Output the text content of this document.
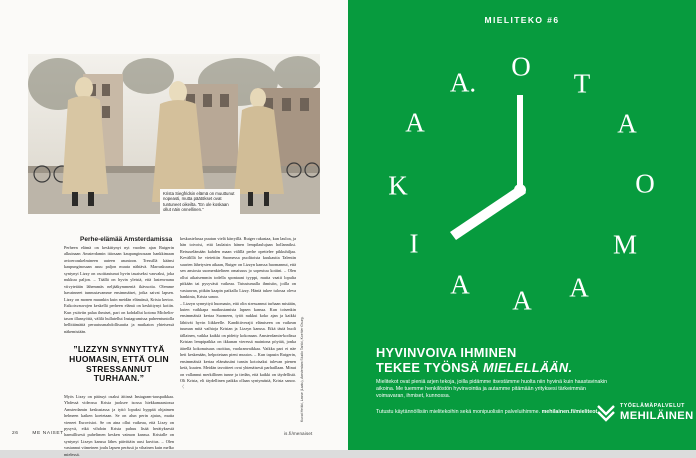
Krista Siegfridsin elämä on muuttunut nopeasti, mutta päätökset ovat tuntuneet oikeilta. ”En ole koskaan ollut näin onnellinen.”
Perhe-elämää Amsterdamissa

Perheen elämä on keskittynyt nyt vuoden ajan Rutgerin alkuinaan Amsterdamin itäosaan kaupunginosaan hankkimaan avioeroaskelmineen uuteen asuntoon. Tressillä käänsi kaupunginosaan asuu paljon muuta nähtävä. Marraskuussa syntynyt Lizzy on osoittautunut hyvin tasaiseksi vauvaksi, joka nukkuu paljon. – Täällä on hyvin yleistä, että lastenvaunu viivytetään lähemmäs neljääkymmentä ikävuotta. Olemme havainneet tunnustavamme ensimmäiset, jotka saivat lapsen. Lizzy on monen muunkin kuin meidän elämässä, Krista kertoo. Esikoisvauvojen keskellä perheen elämä on keskittynyt kotiin. Kun ystäviin palaa ihmiset, pari on kohdallut kotona Michelin-tason illansyöttä, välilä hullutellut Instagramissa puheentuntolla hellittämättä peruutusmahdollisuutta ja mutkaton yhteisessä näkemistään.

”LIZZYN SYNNYTTYÄ HUOMASIN, ETTÄ OLIN STRESSANNUT TURHAAN.”

Myös Lizzy on päässyt osaksi äitinsä Instagram-tauspaikkaa. Yhdessä videossa Krista juoksee isossa hiekkamaastossa Amsterdamin keskustassa ja tyttö lopuksi hyppää ohjaimen helmeen kaiken koetetaan. Se on alun perin ajatus, mutta vieneet Eurovisiot. Se on aina ollut vaikeaa, että Lizzy on pysyvä, eikä vihdoin Krista puhuu lisää herätyksestä harmillisesti puhelimen kesken vaimon kanssa. Kristalle on syntynyt Lizzyn kanssa lähes päivittäin uusi kuvitus. – Olen vastannut viimeinen joulu lapsen perässä ja vihainen kuin melko mielessä.

keskustelussa puutun vielä kärryillä. Rutger rakastaa, kun lauloa, ja hän toivoisi, että laulaisin hänen lempilaulujaan hollanniksi. Reissuelämään kahden maan välillä perhe opettelee pikkuhiljaa. Kevälillä he vietettiin Suomessa puolitoista kuukautta Talentin suurien lähetysten aikaan, Rutger on Lizzyn kanssa huomannut, että sen ansiosta suomenkielinen omaisuus jo sopeutuu kotiini. – Olen ollut aikaisemmin todella spontaani tyyppi, mutta vaatii lopulta pitkään tai pysyvästi vaikeaa. Tutustumalla ihmisiin, joilla on vastaavan, pitkän kaapin paikalla Lizzy. Häntä tukee tulossa oleva hankinta, Krista sanoo.

– Lizzyn synnyttyä huomasin, että olin stressannut turhaan mistään, kuten vaikkapa matkustamista lapsen kanssa. Kun toisenkin ensimmäisiä kertaa Suomeen, tytöt nukkui koko ajan ja kaikki lähtivät hyvin liikkeelle. Kanditiiverajit elämiseen on vaikean tuuman mitä vaihtoja Kristan ja Lizzyn kanssa. Eikä tästä huoli tällainen, vaikka kaikki on pidetty kokonaan. Amsterdamin-kodissa Kristan lempipaikka on ikkunan vieressä mainiona pöytää, jonka äärellä kokonaisuus osoittaa, vuokranvaikkaa. Vaikka pari ei näe heti keskenään, helpotetaan pieni muutos. – Kun tapasin Rutgerin, ensimmäisiä kertaa elämässäni tunsin kotoisaksi tulevan pienen ketä, kuuten. Meidän tavoitteet ovat yhtenäisesti parhaillaan. Minut on vallannut merkillinen tunne ja tiedän, että kaikki on täydellistä. Oli Krista, eli täydellinen paikka ollaan syntymästä, Krista sanoo. 〈	Kuvat Heikki, Lasse (Laatu), Amsterdam Studio Tarkki, Koehler Gsurg.
26	ME NAISET	is.fi/menaiset
MIELITEKO #6
O
T
A
O
M
A
A
A
I
K
A
A.
HYVINVOIVA IHMINEN
TEKEE TYÖNSÄ MIELELLÄÄN.
Mielitekot ovat pieniä arjen tekoja, joilla pidämme itsestämme huolta niin hyvinä kuin haastavinakin aikoina. Me tuemme henkilöstön hyvinvointia ja autamme pitämään yrityksesi tärkeimmän voimavaran, ihmiset, kunnossa.
Tutustu käytännöllisiin mielitekoihin sekä monipuolisiin palveluihimme. mehilainen.fi/mieliteot
TYÖELÄMÄPALVELUT
MEHILÄINEN
